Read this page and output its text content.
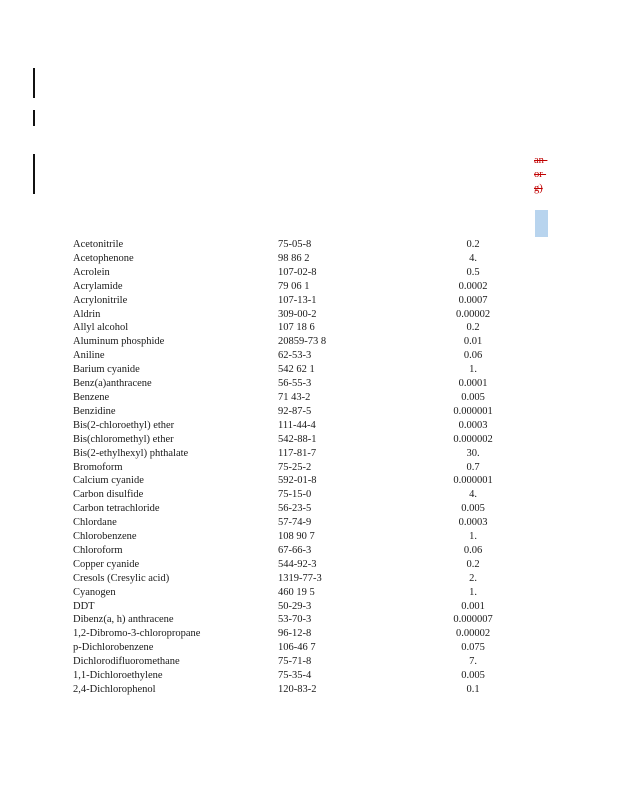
an-
or-
g)
Acetonitrile	75-05-8	0.2
Acetophenone	98 86 2	4.
Acrolein	107-02-8	0.5
Acrylamide	79 06 1	0.0002
Acrylonitrile	107-13-1	0.0007
Aldrin	309-00-2	0.00002
Allyl alcohol	107 18 6	0.2
Aluminum phosphide	20859-73 8	0.01
Aniline	62-53-3	0.06
Barium cyanide	542 62 1	1.
Benz(a)anthracene	56-55-3	0.0001
Benzene	71 43-2	0.005
Benzidine	92-87-5	0.000001
Bis(2-chloroethyl) ether	111-44-4	0.0003
Bis(chloromethyl) ether	542-88-1	0.000002
Bis(2-ethylhexyl) phthalate	117-81-7	30.
Bromoform	75-25-2	0.7
Calcium cyanide	592-01-8	0.000001
Carbon disulfide	75-15-0	4.
Carbon tetrachloride	56-23-5	0.005
Chlordane	57-74-9	0.0003
Chlorobenzene	108 90 7	1.
Chloroform	67-66-3	0.06
Copper cyanide	544-92-3	0.2
Cresols (Cresylic acid)	1319-77-3	2.
Cyanogen	460 19 5	1.
DDT	50-29-3	0.001
Dibenz(a, h) anthracene	53-70-3	0.000007
1,2-Dibromo-3-chloropropane	96-12-8	0.00002
p-Dichlorobenzene	106-46 7	0.075
Dichlorodifluoromethane	75-71-8	7.
1,1-Dichloroethylene	75-35-4	0.005
2,4-Dichlorophenol	120-83-2	0.1
